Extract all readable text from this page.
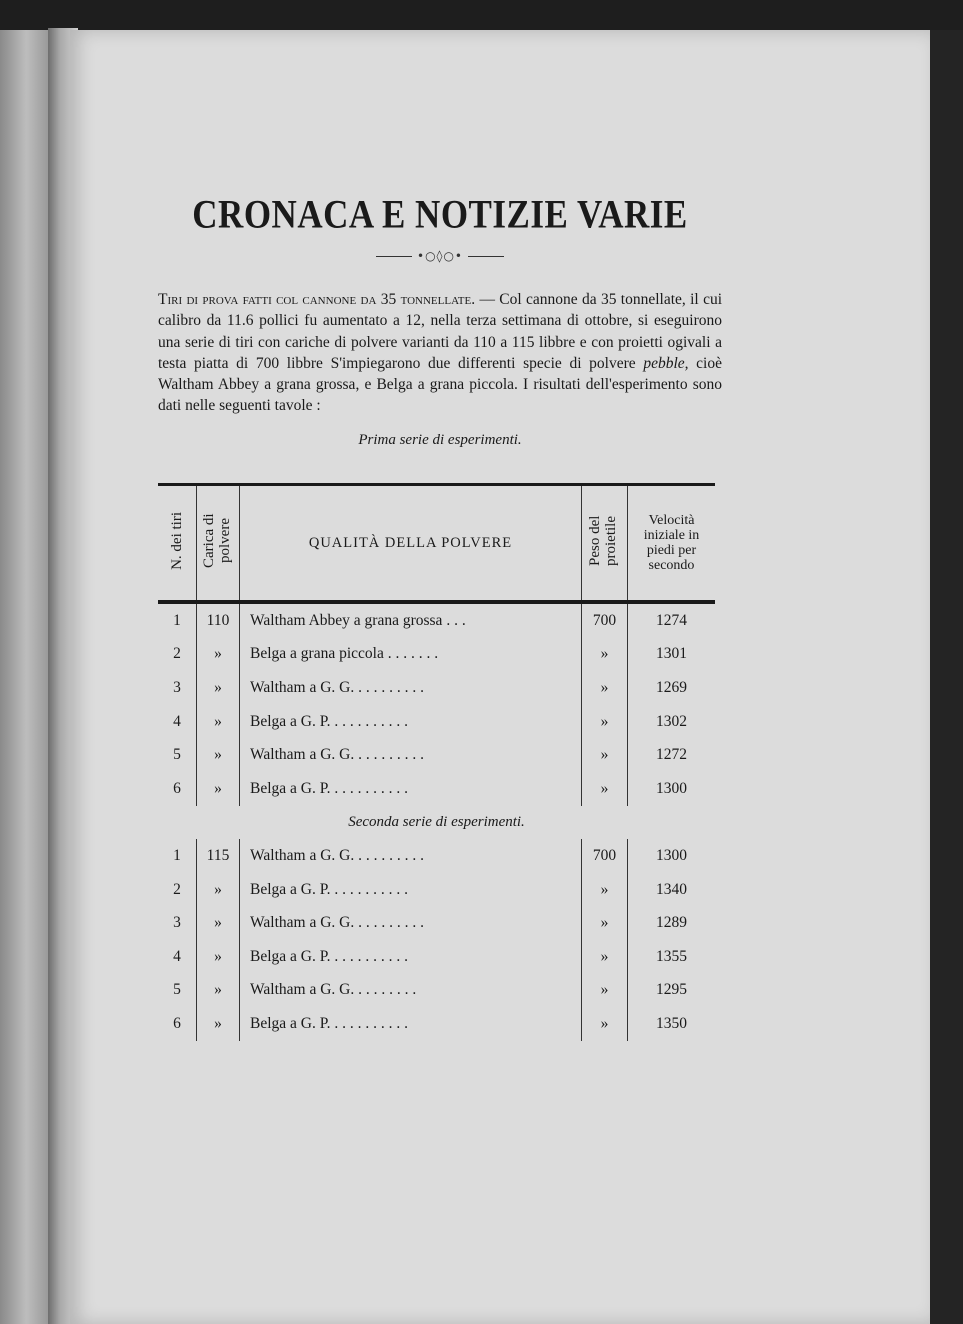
CRONACA E NOTIZIE VARIE
•○◊○•

Tiri di prova fatti col cannone da 35 tonnellate. — Col cannone da 35 tonnellate, il cui calibro da 11.6 pollici fu aumentato a 12, nella terza settimana di ottobre, si eseguirono una serie di tiri con cariche di polvere varianti da 110 a 115 libbre e con proietti ogivali a testa piatta di 700 libbre S'impiegarono due differenti specie di polvere pebble, cioè Waltham Abbey a grana grossa, e Belga a grana piccola. I risultati dell'esperimento sono dati nelle seguenti tavole :

Prima serie di esperimenti.
N. dei tiri	Carica di polvere	QUALITÀ DELLA POLVERE	Peso del proietile	Velocità iniziale in piedi per secondo

1	110	Waltham Abbey a grana grossa . . .	700	1274
2	»	Belga a grana piccola . . . . . . .	»	1301
3	»	Waltham a G. G. . . . . . . . . .	»	1269
4	»	Belga a G. P. . . . . . . . . . .	»	1302
5	»	Waltham a G. G. . . . . . . . . .	»	1272
6	»	Belga a G. P. . . . . . . . . . .	»	1300
Seconda serie di esperimenti.				
1	115	Waltham a G. G. . . . . . . . . .	700	1300
2	»	Belga a G. P. . . . . . . . . . .	»	1340
3	»	Waltham a G. G. . . . . . . . . .	»	1289
4	»	Belga a G. P. . . . . . . . . . .	»	1355
5	»	Waltham a G. G. . . . . . . . .	»	1295
6	»	Belga a G. P. . . . . . . . . . .	»	1350
